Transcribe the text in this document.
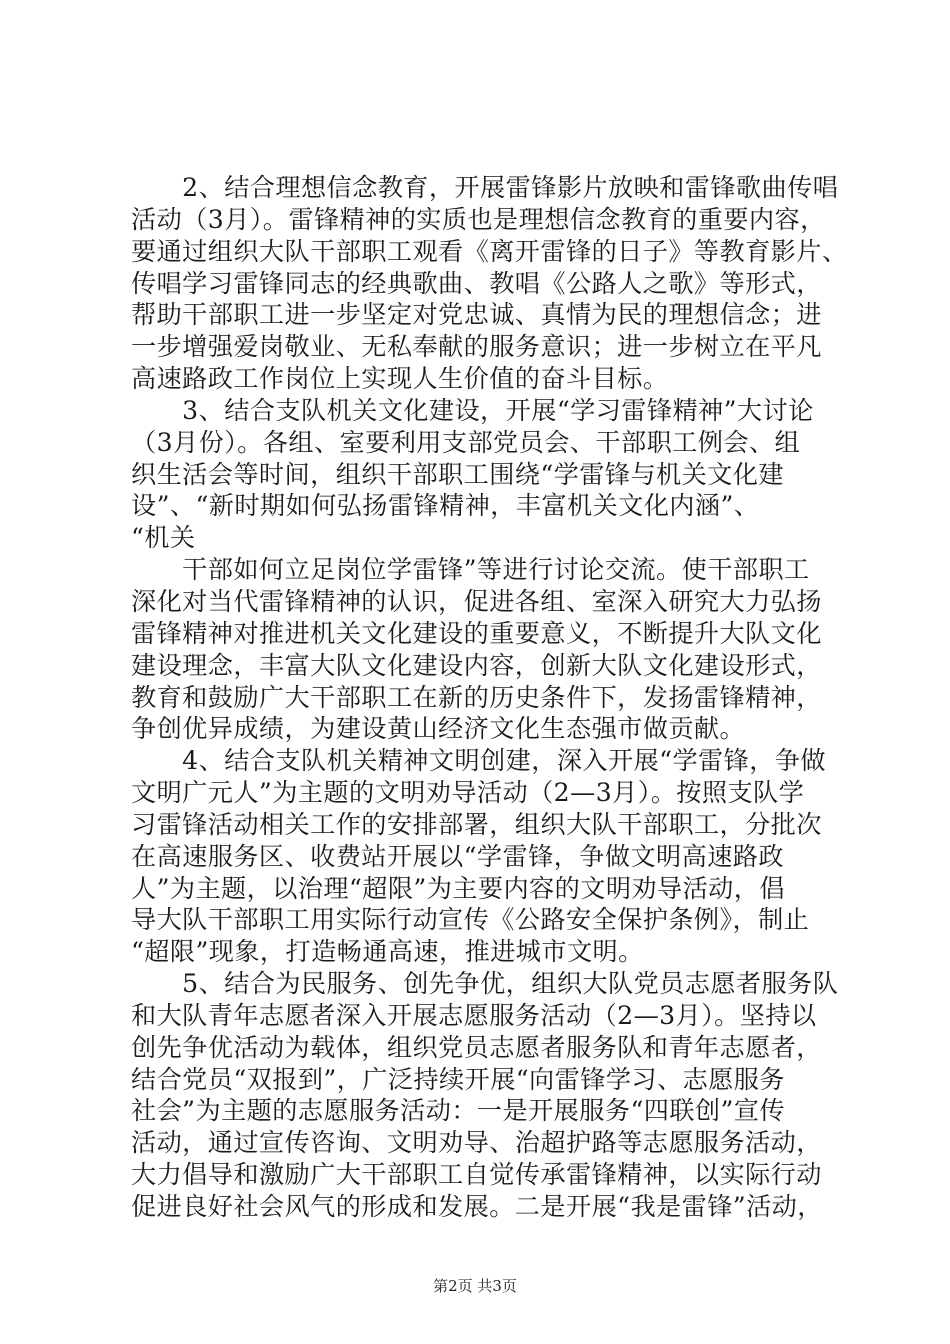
　　2、结合理想信念教育，开展雷锋影片放映和雷锋歌曲传唱
活动（3月）。雷锋精神的实质也是理想信念教育的重要内容，
要通过组织大队干部职工观看《离开雷锋的日子》等教育影片、
传唱学习雷锋同志的经典歌曲、教唱《公路人之歌》等形式，
帮助干部职工进一步坚定对党忠诚、真情为民的理想信念；进
一步增强爱岗敬业、无私奉献的服务意识；进一步树立在平凡
高速路政工作岗位上实现人生价值的奋斗目标。
　　3、结合支队机关文化建设，开展“学习雷锋精神”大讨论
（3月份）。各组、室要利用支部党员会、干部职工例会、组
织生活会等时间，组织干部职工围绕“学雷锋与机关文化建
设”、“新时期如何弘扬雷锋精神，丰富机关文化内涵”、
“机关
　　干部如何立足岗位学雷锋”等进行讨论交流。使干部职工
深化对当代雷锋精神的认识，促进各组、室深入研究大力弘扬
雷锋精神对推进机关文化建设的重要意义，不断提升大队文化
建设理念，丰富大队文化建设内容，创新大队文化建设形式，
教育和鼓励广大干部职工在新的历史条件下，发扬雷锋精神，
争创优异成绩，为建设黄山经济文化生态强市做贡献。
　　4、结合支队机关精神文明创建，深入开展“学雷锋，争做
文明广元人”为主题的文明劝导活动（2—3月）。按照支队学
习雷锋活动相关工作的安排部署，组织大队干部职工，分批次
在高速服务区、收费站开展以“学雷锋，争做文明高速路政
人”为主题，以治理“超限”为主要内容的文明劝导活动，倡
导大队干部职工用实际行动宣传《公路安全保护条例》，制止
“超限”现象，打造畅通高速，推进城市文明。
　　5、结合为民服务、创先争优，组织大队党员志愿者服务队
和大队青年志愿者深入开展志愿服务活动（2—3月）。坚持以
创先争优活动为载体，组织党员志愿者服务队和青年志愿者，
结合党员“双报到”，广泛持续开展“向雷锋学习、志愿服务
社会”为主题的志愿服务活动：一是开展服务“四联创”宣传
活动，通过宣传咨询、文明劝导、治超护路等志愿服务活动，
大力倡导和激励广大干部职工自觉传承雷锋精神，以实际行动
促进良好社会风气的形成和发展。二是开展“我是雷锋”活动，
第2页 共3页
